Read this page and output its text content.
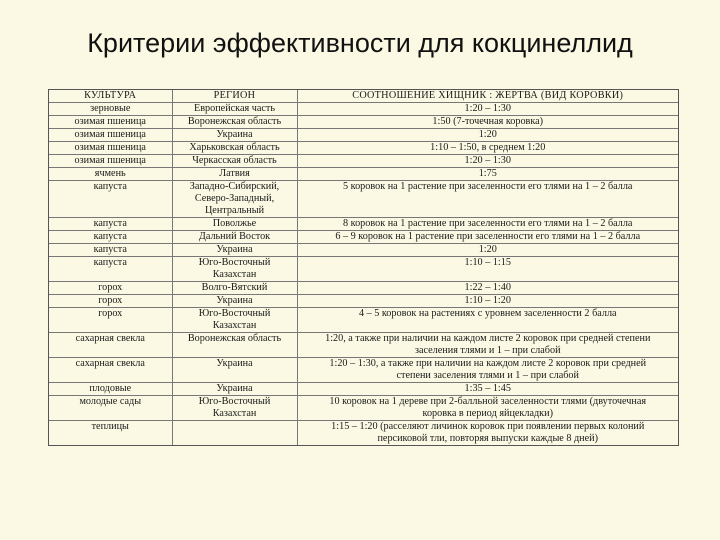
Критерии эффективности для кокцинеллид
КУЛЬТУРА	РЕГИОН	СООТНОШЕНИЕ ХИЩНИК : ЖЕРТВА (ВИД КОРОВКИ)
зерновые	Европейская часть	1:20 – 1:30

озимая пшеница	Воронежская область	1:50 (7-точечная коровка)

озимая пшеница	Украина	1:20

озимая пшеница	Харьковская область	1:10 – 1:50, в среднем 1:20

озимая пшеница	Черкасская область	1:20 – 1:30

ячмень	Латвия	1:75

капуста	Западно-Сибирский,
Северо-Западный,
Центральный	5 коровок на 1 растение при заселенности его тлями на 1 – 2 балла

капуста	Поволжье	8 коровок на 1 растение при заселенности его тлями на 1 – 2 балла

капуста	Дальний Восток	6 – 9 коровок на 1 растение при заселенности его тлями на 1 – 2 балла

капуста	Украина	1:20

капуста	Юго-Восточный
Казахстан	1:10 – 1:15

горох	Волго-Вятский	1:22 – 1:40

горох	Украина	1:10 – 1:20

горох	Юго-Восточный
Казахстан	4 – 5 коровок на растениях с уровнем заселенности 2 балла

сахарная свекла	Воронежская область	1:20, а также при наличии на каждом листе 2 коровок при средней степени
заселения тлями и 1 – при слабой

сахарная свекла	Украина	1:20 – 1:30, а также при наличии на каждом листе 2 коровок при средней
степени заселения тлями и 1 – при слабой

плодовые	Украина	1:35 – 1:45

молодые сады	Юго-Восточный
Казахстан	10 коровок на 1 дереве при 2-балльной заселенности тлями (двуточечная
коровка в период яйцекладки)

теплицы		1:15 – 1:20 (расселяют личинок коровок при появлении первых колоний
персиковой тли, повторяя выпуски каждые 8 дней)
